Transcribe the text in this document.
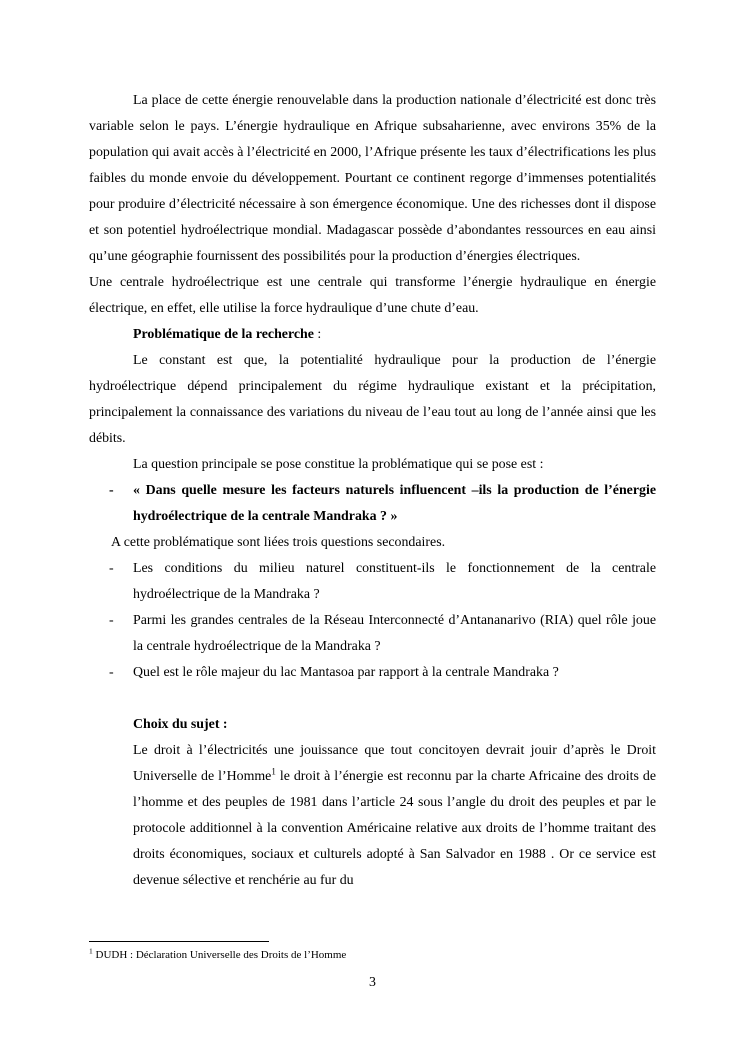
La place de cette énergie renouvelable dans la production nationale d’électricité est donc très variable selon le pays. L’énergie hydraulique en Afrique subsaharienne, avec environs 35% de la population qui avait accès à l’électricité en 2000, l’Afrique présente les taux d’électrifications les plus faibles du monde envoie du développement. Pourtant ce continent regorge d’immenses potentialités pour produire d’électricité nécessaire à son émergence économique. Une des richesses dont il dispose et son potentiel hydroélectrique mondial. Madagascar possède d’abondantes ressources en eau ainsi qu’une géographie fournissent des possibilités pour la production d’énergies électriques.

Une centrale hydroélectrique est une centrale qui transforme l’énergie hydraulique en énergie électrique, en effet, elle utilise la force hydraulique d’une chute d’eau.

Problématique de la recherche :

Le constant est que, la potentialité hydraulique pour la production de l’énergie hydroélectrique dépend principalement du régime hydraulique existant et la précipitation, principalement la connaissance des variations du niveau de l’eau tout au long de l’année ainsi que les débits.

La question principale se pose constitue la problématique qui se pose est :

- « Dans quelle mesure les facteurs naturels influencent –ils la production de l’énergie hydroélectrique de la centrale Mandraka ? »

A cette problématique sont liées trois questions secondaires.

- Les conditions du milieu naturel constituent-ils le fonctionnement de la centrale hydroélectrique de la Mandraka ?
- Parmi les grandes centrales de la Réseau Interconnecté d’Antananarivo (RIA) quel rôle joue la centrale hydroélectrique de la Mandraka ?
- Quel est le rôle majeur du lac Mantasoa par rapport à la centrale Mandraka ?

Choix du sujet :

Le droit à l’électricités une jouissance que tout concitoyen devrait jouir d’après le Droit Universelle de l’Homme$^1$ le droit à l’énergie est reconnu par la charte Africaine des droits de l’homme et des peuples de 1981 dans l’article 24 sous l’angle du droit des peuples et par le protocole additionnel à la convention Américaine relative aux droits de l’homme traitant des droits économiques, sociaux et culturels adopté à San Salvador en 1988 . Or ce service est devenue sélective et renchérie au fur du

$^1$ DUDH : Déclaration Universelle des Droits de l’Homme
3
